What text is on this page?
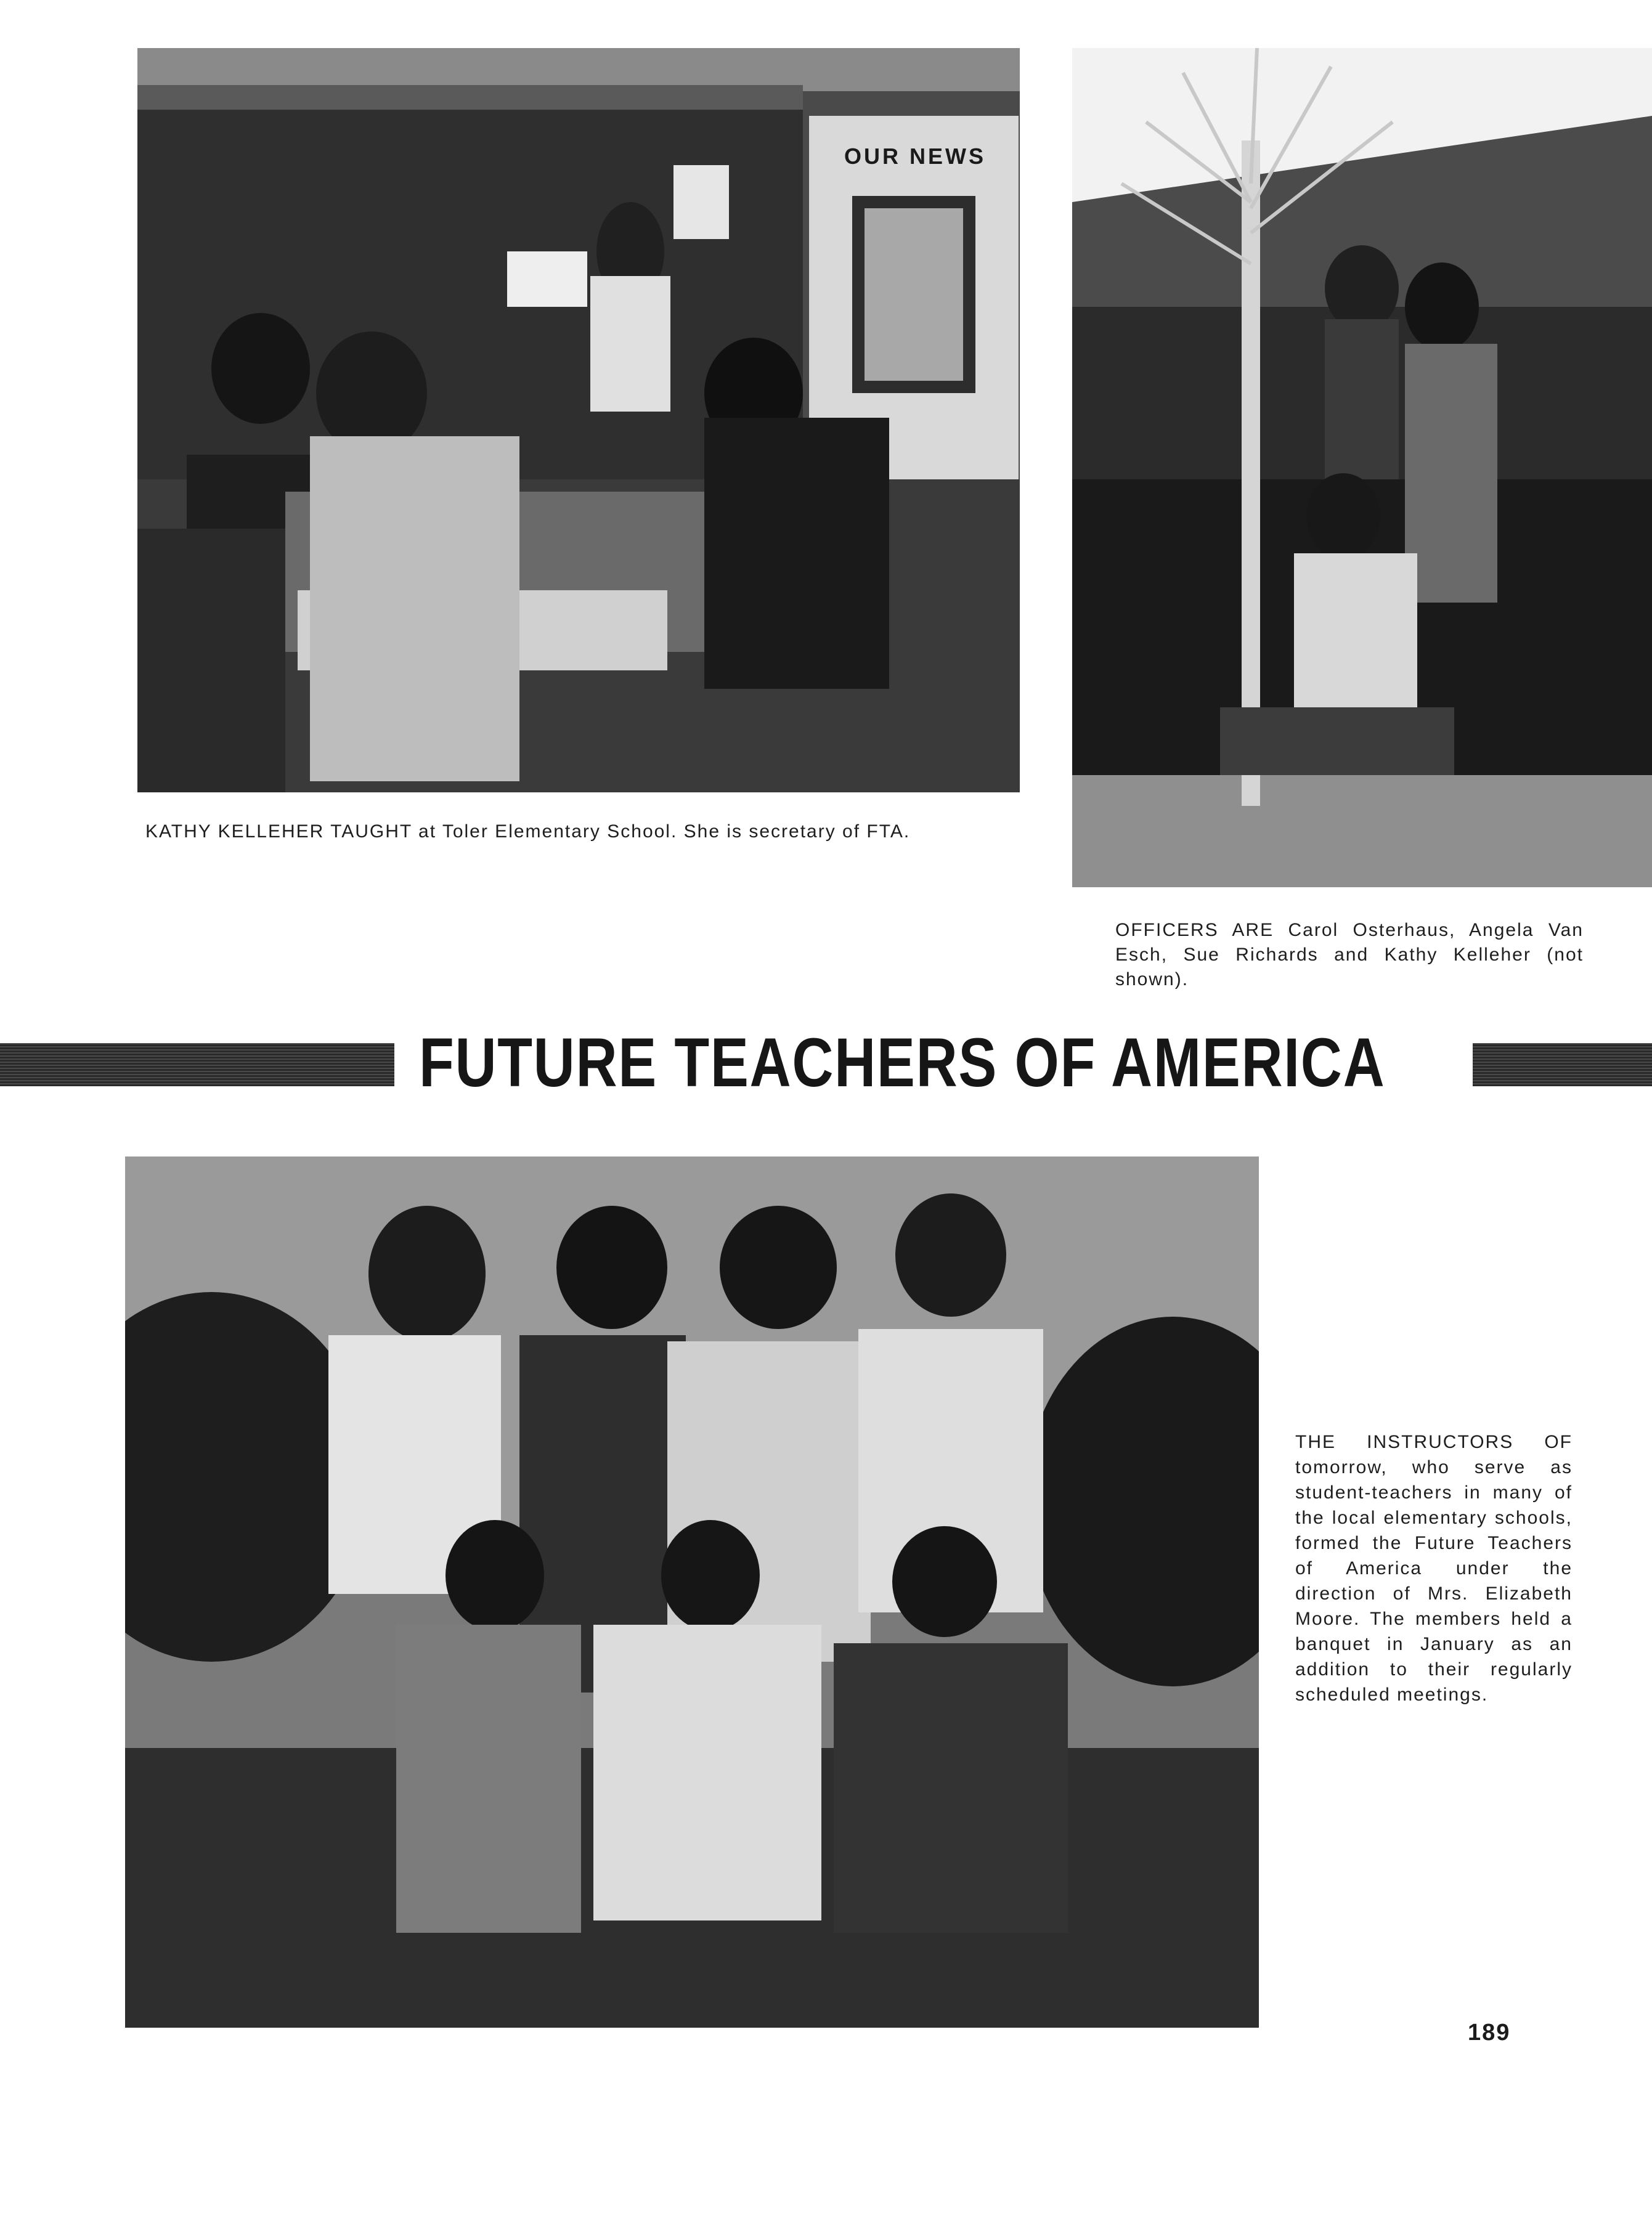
OUR NEWS
KATHY KELLEHER TAUGHT at Toler Elementary School. She is secretary of FTA.
OFFICERS ARE Carol Osterhaus, Angela Van Esch, Sue Richards and Kathy Kelleher (not shown).
FUTURE TEACHERS OF AMERICA
THE INSTRUCTORS OF tomorrow, who serve as student-teachers in many of the local elementary schools, formed the Future Teachers of America under the direction of Mrs. Elizabeth Moore. The members held a banquet in January as an addition to their regularly scheduled meetings.
189
